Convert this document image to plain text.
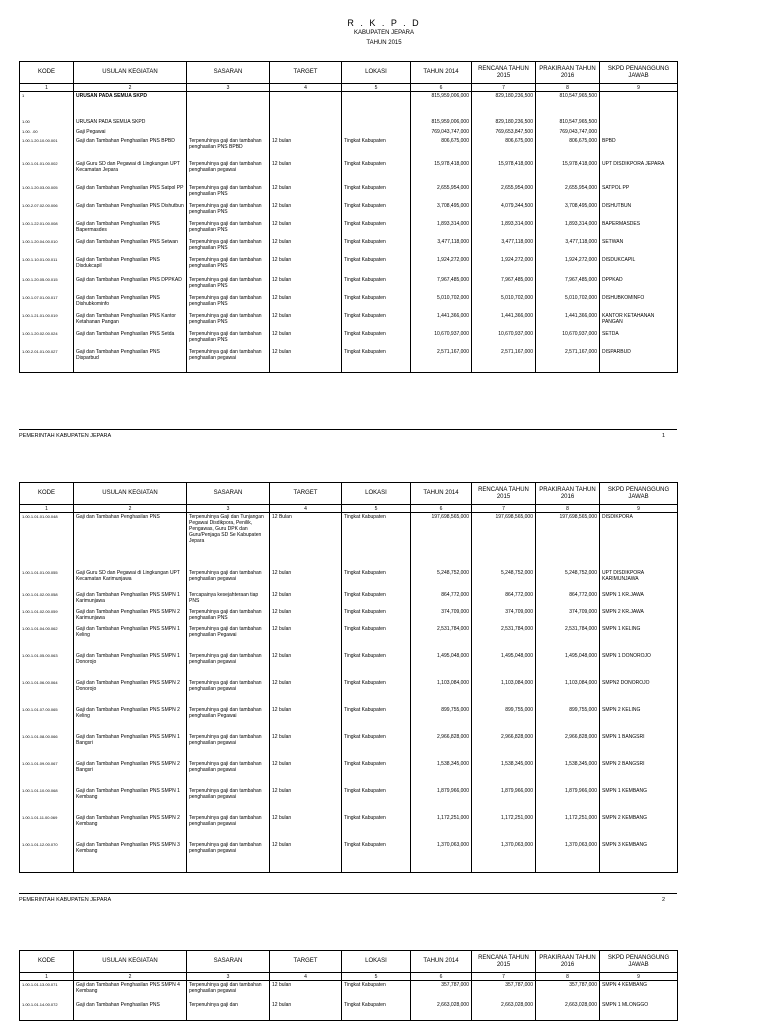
R . K . P . D
KABUPATEN JEPARA
TAHUN 2015
KODE	USULAN KEGIATAN	SASARAN	TARGET	LOKASI	TAHUN 2014	RENCANA TAHUN 2015	PRAKIRAAN TAHUN 2016	SKPD PENANGGUNG JAWAB
1	2	3	4	5	6	7	8	9
1	URUSAN PADA SEMUA SKPD				815,959,006,000	829,180,236,500	810,547,965,500	
1.00	URUSAN PADA SEMUA SKPD				815,959,006,000	829,180,236,500	810,547,965,500	
1.00. .00	Gaji Pegawai				769,043,747,000	769,653,847,500	769,043,747,000	
1.00.1.20.10.00.001	Gaji dan Tambahan Penghasilan PNS BPBD	Terpenuhinya gaji dan tambahan penghasilan PNS BPBD	12 bulan	Tingkat Kabupaten	806,675,000	806,675,000	806,675,000	BPBD
1.00.1.01.01.00.002	Gaji Guru SD dan Pegawai di Lingkungan UPT Kecamatan Jepara	Terpenuhinya gaji dan tambahan penghasilan pegawai	12 bulan	Tingkat Kabupaten	15,978,418,000	15,978,418,000	15,978,418,000	UPT DISDIKPORA JEPARA
1.00.1.20.03.00.005	Gaji dan Tambahan Penghasilan PNS Satpol PP	Terpenuhinya gaji dan tambahan penghasilan PNS	12 bulan	Tingkat Kabupaten	2,655,954,000	2,655,954,000	2,655,954,000	SATPOL PP
1.00.2.07.02.00.006	Gaji dan Tambahan Penghasilan PNS Dishutbun	Terpenuhinya gaji dan tambahan penghasilan PNS	12 bulan	Tingkat Kabupaten	3,708,495,000	4,079,344,500	3,708,495,000	DISHUTBUN
1.00.1.22.01.00.008	Gaji dan Tambahan Penghasilan PNS Bapermasdes	Terpenuhinya gaji dan tambahan penghasilan PNS	12 bulan	Tingkat Kabupaten	1,893,314,000	1,893,314,000	1,893,314,000	BAPERMASDES
1.00.1.20.04.00.010	Gaji dan Tambahan Penghasilan PNS Setwan	Terpenuhinya gaji dan tambahan penghasilan PNS	12 bulan	Tingkat Kabupaten	3,477,118,000	3,477,118,000	3,477,118,000	SETWAN
1.00.1.10.01.00.011	Gaji dan Tambahan Penghasilan PNS Disdukcapil	Terpenuhinya gaji dan tambahan penghasilan PNS	12 bulan	Tingkat Kabupaten	1,924,272,000	1,924,272,000	1,924,272,000	DISDUKCAPIL
1.00.1.20.05.00.015	Gaji dan Tambahan Penghasilan PNS DPPKAD	Terpenuhinya gaji dan tambahan penghasilan PNS	12 bulan	Tingkat Kabupaten	7,967,485,000	7,967,485,000	7,967,485,000	DPPKAD
1.00.1.07.01.00.017	Gaji dan Tambahan Penghasilan PNS Dishubkominfo	Terpenuhinya gaji dan tambahan penghasilan PNS	12 bulan	Tingkat Kabupaten	5,010,702,000	5,010,702,000	5,010,702,000	DISHUBKOMINFO
1.00.1.21.01.00.019	Gaji dan Tambahan Penghasilan PNS Kantor Ketahanan Pangan	Terpenuhinya gaji dan tambahan penghasilan PNS	12 bulan	Tingkat Kabupaten	1,441,366,000	1,441,366,000	1,441,366,000	KANTOR KETAHANAN PANGAN
1.00.1.20.02.00.024	Gaji dan Tambahan Penghasilan PNS Setda	Terpenuhinya gaji dan tambahan penghasilan PNS	12 bulan	Tingkat Kabupaten	10,670,937,000	10,670,937,000	10,670,937,000	SETDA
1.00.2.01.01.00.027	Gaji dan Tambahan Penghasilan PNS Disparbud	Terpenuhinya gaji dan tambahan penghasilan pegawai	12 bulan	Tingkat Kabupaten	2,571,167,000	2,571,167,000	2,571,167,000	DISPARBUD
PEMERINTAH KABUPATEN JEPARA	1
KODE	USULAN KEGIATAN	SASARAN	TARGET	LOKASI	TAHUN 2014	RENCANA TAHUN 2015	PRAKIRAAN TAHUN 2016	SKPD PENANGGUNG JAWAB
1	2	3	4	5	6	7	8	9
1.00.1.01.01.00.048	Gaji dan Tambahan Penghasilan PNS	Terpenuhinya Gaji dan Tunjangan Pegawai Disdikpora, Penilik, Pengawas, Guru DPK dan Guru/Penjaga SD Se Kabupaten Jepara	12 Bulan	Tingkat Kabupaten	197,698,565,000	197,698,565,000	197,698,565,000	DISDIKPORA
1.00.1.01.01.00.055	Gaji Guru SD dan Pegawai di Lingkungan UPT Kecamatan Karimunjawa	Terpenuhinya gaji dan tambahan penghasilan pegawai	12 bulan	Tingkat Kabupaten	5,248,752,000	5,248,752,000	5,248,752,000	UPT DISDIKPORA KARIMUNJAWA
1.00.1.01.02.00.058	Gaji dan Tambahan Penghasilan PNS SMPN 1 Karimunjawa	Tercapainya kesejahteraan tiap PNS	12 bulan	Tingkat Kabupaten	864,772,000	864,772,000	864,772,000	SMPN 1 KR.JAWA
1.00.1.01.02.00.059	Gaji dan Tambahan Penghasilan PNS SMPN 2 Karimunjawa	Terpenuhinya gaji dan tambahan penghasilan PNS	12 bulan	Tingkat Kabupaten	374,709,000	374,709,000	374,709,000	SMPN 2 KR.JAWA
1.00.1.01.04.00.062	Gaji dan Tambahan Penghasilan PNS SMPN 1 Keling	Terpenuhinya gaji dan tambahan penghasilan Pegawai	12 bulan	Tingkat Kabupaten	2,531,784,000	2,531,784,000	2,531,784,000	SMPN 1 KELING
1.00.1.01.05.00.063	Gaji dan Tambahan Penghasilan PNS SMPN 1 Donorojo	Terpenuhinya gaji dan tambahan penghasilan pegawai	12 bulan	Tingkat Kabupaten	1,495,048,000	1,495,048,000	1,495,048,000	SMPN 1 DONOROJO
1.00.1.01.06.00.064	Gaji dan Tambahan Penghasilan PNS SMPN 2 Donorojo	Terpenuhinya gaji dan tambahan penghasilan pegawai	12 bulan	Tingkat Kabupaten	1,103,084,000	1,103,084,000	1,103,084,000	SMPN2 DONOROJO
1.00.1.01.07.00.065	Gaji dan Tambahan Penghasilan PNS SMPN 2 Keling	Terpenuhinya gaji dan tambahan penghasilan Pegawai	12 bulan	Tingkat Kabupaten	899,755,000	899,755,000	899,755,000	SMPN 2 KELING
1.00.1.01.08.00.066	Gaji dan Tambahan Penghasilan PNS SMPN 1 Bangsri	Terpenuhinya gaji dan tambahan penghasilan pegawai	12 bulan	Tingkat Kabupaten	2,966,828,000	2,966,828,000	2,966,828,000	SMPN 1 BANGSRI
1.00.1.01.09.00.067	Gaji dan Tambahan Penghasilan PNS SMPN 2 Bangsri	Terpenuhinya gaji dan tambahan penghasilan pegawai	12 bulan	Tingkat Kabupaten	1,538,345,000	1,538,345,000	1,538,345,000	SMPN 2 BANGSRI
1.00.1.01.10.00.068	Gaji dan Tambahan Penghasilan PNS SMPN 1 Kembang	Terpenuhinya gaji dan tambahan penghasilan pegawai	12 bulan	Tingkat Kabupaten	1,879,966,000	1,879,966,000	1,879,966,000	SMPN 1 KEMBANG
1.00.1.01.11.00.069	Gaji dan Tambahan Penghasilan PNS SMPN 2 Kembang	Terpenuhinya gaji dan tambahan penghasilan pegawai	12 bulan	Tingkat Kabupaten	1,172,251,000	1,172,251,000	1,172,251,000	SMPN 2 KEMBANG
1.00.1.01.12.00.070	Gaji dan Tambahan Penghasilan PNS SMPN 3 Kembang	Terpenuhinya gaji dan tambahan penghasilan pegawai	12 bulan	Tingkat Kabupaten	1,370,063,000	1,370,063,000	1,370,063,000	SMPN 3 KEMBANG
PEMERINTAH KABUPATEN JEPARA	2
KODE	USULAN KEGIATAN	SASARAN	TARGET	LOKASI	TAHUN 2014	RENCANA TAHUN 2015	PRAKIRAAN TAHUN 2016	SKPD PENANGGUNG JAWAB
1	2	3	4	5	6	7	8	9
1.00.1.01.13.00.071	Gaji dan Tambahan Penghasilan PNS SMPN 4 Kembang	Terpenuhinya gaji dan tambahan penghasilan pegawai	12 bulan	Tingkat Kabupaten	357,787,000	357,787,000	357,787,000	SMPN 4 KEMBANG
1.00.1.01.14.00.072	Gaji dan Tambahan Penghasilan PNS	Terpenuhinya gaji dan	12 bulan	Tingkat Kabupaten	2,663,028,000	2,663,028,000	2,663,028,000	SMPN 1 MLONGGO
